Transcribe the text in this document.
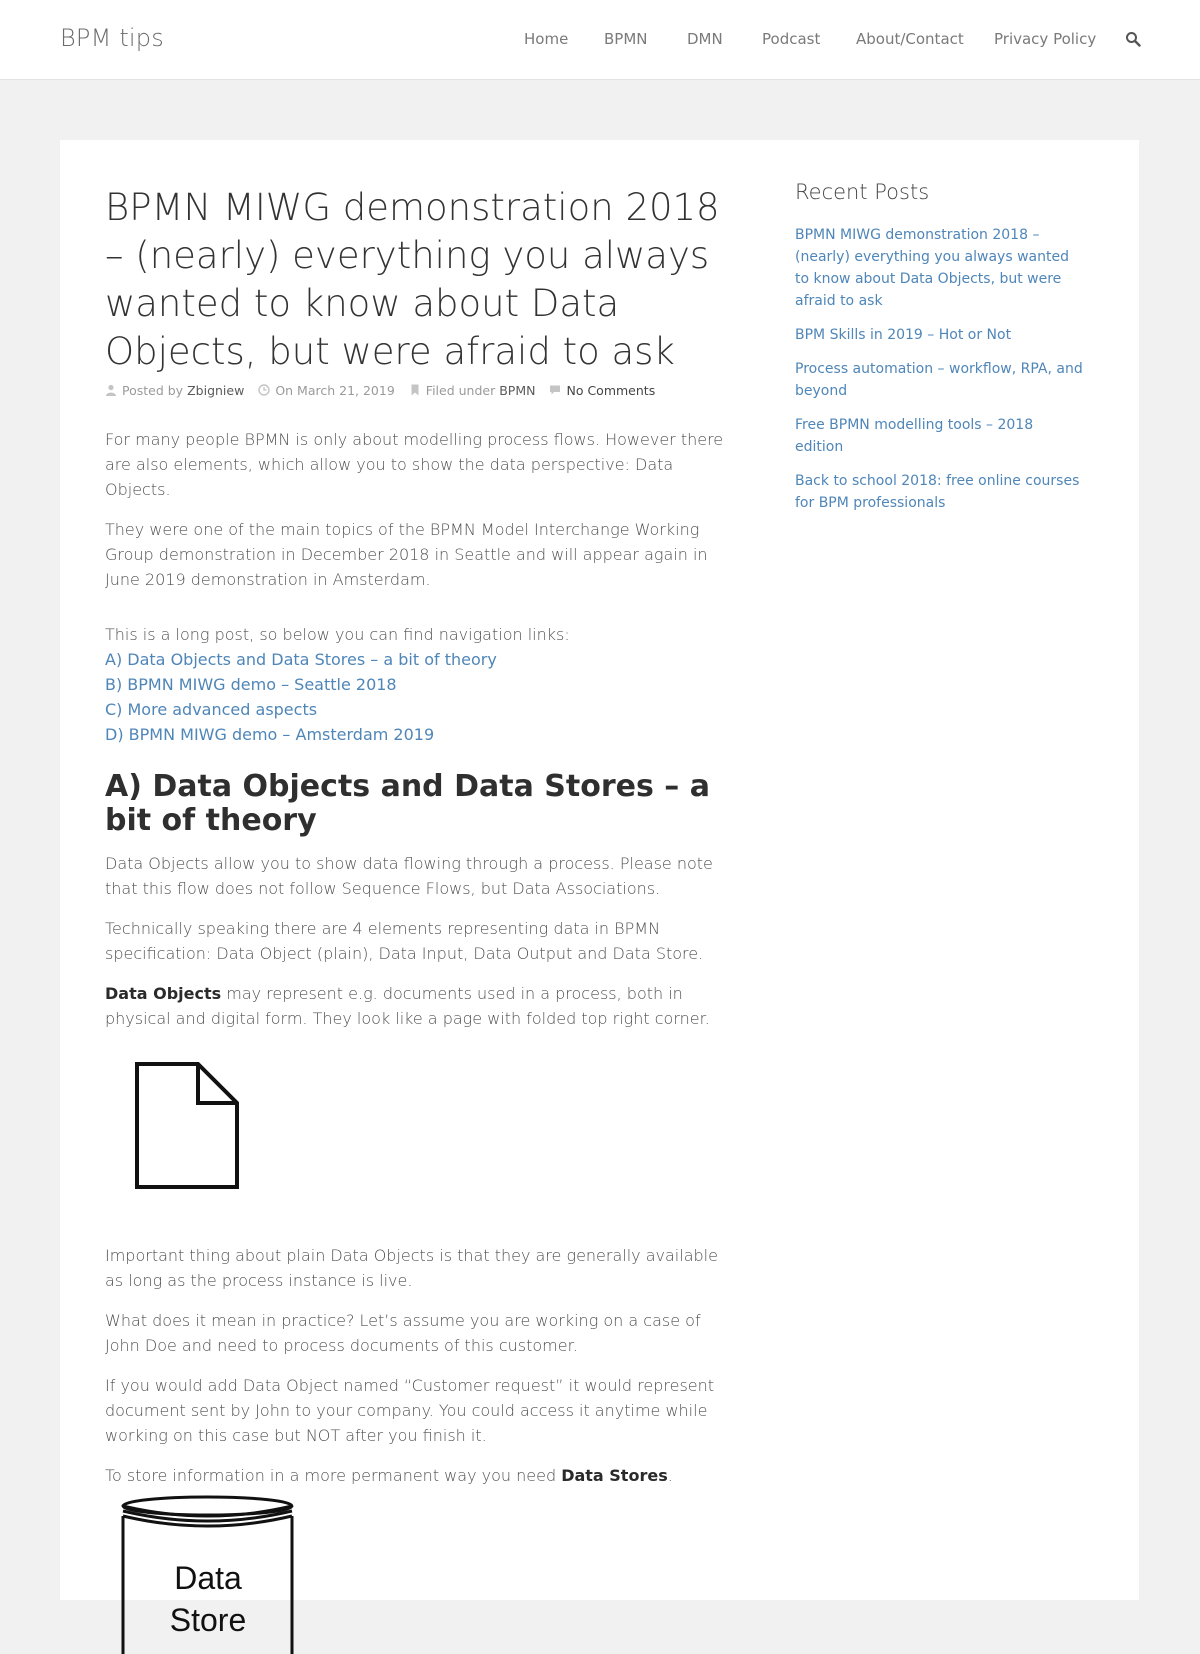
BPM tips	Home BPMN	DMN	Podcast About/Contact Privacy Policy
BPMN MIWG demonstration 2018 – (nearly) everything you always wanted to know about Data Objects, but were afraid to ask
Posted by Zbigniew On March 21, 2019 Filed under BPMN No Comments

For many people BPMN is only about modelling process flows. However there are also elements, which allow you to show the data perspective: Data Objects.

They were one of the main topics of the BPMN Model Interchange Working Group demonstration in December 2018 in Seattle and will appear again in June 2019 demonstration in Amsterdam.

This is a long post, so below you can find navigation links:

A) Data Objects and Data Stores – a bit of theory
B) BPMN MIWG demo – Seattle 2018
C) More advanced aspects
D) BPMN MIWG demo – Amsterdam 2019
A) Data Objects and Data Stores – a bit of theory

Data Objects allow you to show data flowing through a process. Please note that this flow does not follow Sequence Flows, but Data Associations.

Technically speaking there are 4 elements representing data in BPMN specification: Data Object (plain), Data Input, Data Output and Data Store.

Data Objects may represent e.g. documents used in a process, both in physical and digital form. They look like a page with folded top right corner.

Important thing about plain Data Objects is that they are generally available as long as the process instance is live.

What does it mean in practice? Let’s assume you are working on a case of John Doe and need to process documents of this customer.

If you would add Data Object named “Customer request” it would represent document sent by John to your company. You could access it anytime while working on this case but NOT after you finish it.

To store information in a more permanent way you need Data Stores.

Data
Store
Recent Posts
BPMN MIWG demonstration 2018 – (nearly) everything you always wanted to know about Data Objects, but were afraid to ask
BPM Skills in 2019 – Hot or Not
Process automation – workflow, RPA, and beyond
Free BPMN modelling tools – 2018 edition
Back to school 2018: free online courses for BPM professionals
